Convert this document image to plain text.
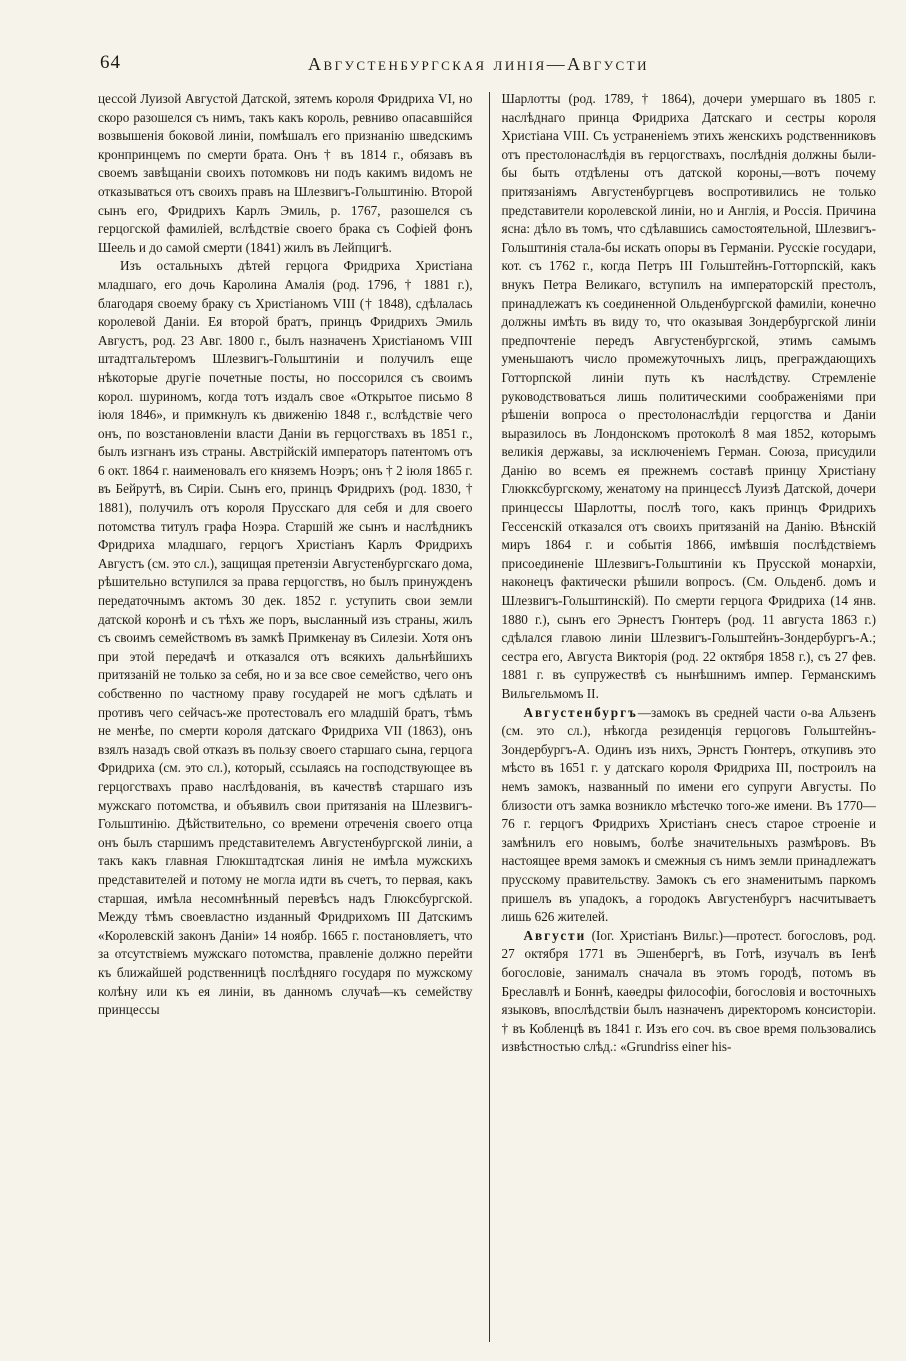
64	Августенбургская линія—Августи

цессой Луизой Августой Датской, зятемъ короля Фридриха VI, но скоро разошелся съ нимъ, такъ какъ король, ревниво опасавшійся возвышенія боковой линіи, помѣшалъ его признанію шведскимъ кронпринцемъ по смерти брата. Онъ † въ 1814 г., обязавъ въ своемъ завѣщаніи своихъ потомковъ ни подъ какимъ видомъ не отказываться отъ своихъ правъ на Шлезвигъ-Гольштинію. Второй сынъ его, Фридрихъ Карлъ Эмиль, р. 1767, разошелся съ герцогской фамиліей, вслѣдствіе своего брака съ Софіей фонъ Шеель и до самой смерти (1841) жилъ въ Лейпцигѣ.

Изъ остальныхъ дѣтей герцога Фридриха Христіана младшаго, его дочь Каролина Амалія (род. 1796, † 1881 г.), благодаря своему браку съ Христіаномъ VIII († 1848), сдѣлалась королевой Даніи. Ея второй братъ, принцъ Фридрихъ Эмиль Августъ, род. 23 Авг. 1800 г., былъ назначенъ Христіаномъ VIII штадтгальтеромъ Шлезвигъ-Гольштиніи и получилъ еще нѣкоторые другіе почетные посты, но поссорился съ своимъ корол. шуриномъ, когда тотъ издалъ свое «Открытое письмо 8 іюля 1846», и примкнулъ къ движенію 1848 г., вслѣдствіе чего онъ, по возстановленіи власти Даніи въ герцогствахъ въ 1851 г., былъ изгнанъ изъ страны. Австрійскій императоръ патентомъ отъ 6 окт. 1864 г. наименовалъ его княземъ Ноэръ; онъ † 2 іюля 1865 г. въ Бейрутѣ, въ Сиріи. Сынъ его, принцъ Фридрихъ (род. 1830, † 1881), получилъ отъ короля Прусскаго для себя и для своего потомства титулъ графа Ноэра. Старшій же сынъ и наслѣдникъ Фридриха младшаго, герцогъ Христіанъ Карлъ Фридрихъ Августъ (см. это сл.), защищая претензіи Августенбургскаго дома, рѣшительно вступился за права герцогствъ, но былъ принужденъ передаточнымъ актомъ 30 дек. 1852 г. уступить свои земли датской коронѣ и съ тѣхъ же поръ, высланный изъ страны, жилъ съ своимъ семействомъ въ замкѣ Примкенау въ Силезіи. Хотя онъ при этой передачѣ и отказался отъ всякихъ дальнѣйшихъ притязаній не только за себя, но и за все свое семейство, чего онъ собственно по частному праву государей не могъ сдѣлать и противъ чего сейчасъ-же протестовалъ его младшій братъ, тѣмъ не менѣе, по смерти короля датскаго Фридриха VII (1863), онъ взялъ назадъ свой отказъ въ пользу своего старшаго сына, герцога Фридриха (см. это сл.), который, ссылаясь на господствующее въ герцогствахъ право наслѣдованія, въ качествѣ старшаго изъ мужскаго потомства, и объявилъ свои притязанія на Шлезвигъ-Гольштинію. Дѣйствительно, со времени отреченія своего отца онъ былъ старшимъ представителемъ Августенбургской линіи, а такъ какъ главная Глюкштадтская линія не имѣла мужскихъ представителей и потому не могла идти въ счетъ, то первая, какъ старшая, имѣла несомнѣнный перевѣсъ надъ Глюксбургской. Между тѣмъ своевластно изданный Фридрихомъ III Датскимъ «Королевскій законъ Даніи» 14 ноябр. 1665 г. постановляетъ, что за отсутствіемъ мужскаго потомства, правленіе должно перейти къ ближайшей родственницѣ послѣдняго государя по мужскому колѣну или къ ея линіи, въ данномъ случаѣ—къ семейству принцессы

Шарлотты (род. 1789, † 1864), дочери умершаго въ 1805 г. наслѣднаго принца Фридриха Датскаго и сестры короля Христіана VIII. Съ устраненіемъ этихъ женскихъ родственниковъ отъ престолонаслѣдія въ герцогствахъ, послѣднія должны были-бы быть отдѣлены отъ датской короны,—вотъ почему притязаніямъ Августенбургцевъ воспротивились не только представители королевской линіи, но и Англія, и Россія. Причина ясна: дѣло въ томъ, что сдѣлавшись самостоятельной, Шлезвигъ-Гольштинія стала-бы искать опоры въ Германіи. Русскіе государи, кот. съ 1762 г., когда Петръ III Гольштейнъ-Готторпскій, какъ внукъ Петра Великаго, вступилъ на императорскій престолъ, принадлежатъ къ соединенной Ольденбургской фамиліи, конечно должны имѣть въ виду то, что оказывая Зондербургской линіи предпочтеніе передъ Августенбургской, этимъ самымъ уменьшаютъ число промежуточныхъ лицъ, преграждающихъ Готторпской линіи путь къ наслѣдству. Стремленіе руководствоваться лишь политическими соображеніями при рѣшеніи вопроса о престолонаслѣдіи герцогства и Даніи выразилось въ Лондонскомъ протоколѣ 8 мая 1852, которымъ великія державы, за исключеніемъ Герман. Союза, присудили Данію во всемъ ея прежнемъ составѣ принцу Христіану Глюкксбургскому, женатому на принцессѣ Луизѣ Датской, дочери принцессы Шарлотты, послѣ того, какъ принцъ Фридрихъ Гессенскій отказался отъ своихъ притязаній на Данію. Вѣнскій миръ 1864 г. и событія 1866, имѣвшія послѣдствіемъ присоединеніе Шлезвигъ-Гольштиніи къ Прусской монархіи, наконецъ фактически рѣшили вопросъ. (См. Ольденб. домъ и Шлезвигъ-Гольштинскій). По смерти герцога Фридриха (14 янв. 1880 г.), сынъ его Эрнестъ Гюнтеръ (род. 11 августа 1863 г.) сдѣлался главою линіи Шлезвигъ-Гольштейнъ-Зондербургъ-А.; сестра его, Августа Викторія (род. 22 октября 1858 г.), съ 27 фев. 1881 г. въ супружествѣ съ нынѣшнимъ импер. Германскимъ Вильгельмомъ II.

Августенбургъ—замокъ въ средней части о-ва Альзенъ (см. это сл.), нѣкогда резиденція герцоговъ Гольштейнъ-Зондербургъ-А. Одинъ изъ нихъ, Эрнстъ Гюнтеръ, откупивъ это мѣсто въ 1651 г. у датскаго короля Фридриха III, построилъ на немъ замокъ, названный по имени его супруги Августы. По близости отъ замка возникло мѣстечко того-же имени. Въ 1770—76 г. герцогъ Фридрихъ Христіанъ снесъ старое строеніе и замѣнилъ его новымъ, болѣе значительныхъ размѣровъ. Въ настоящее время замокъ и смежныя съ нимъ земли принадлежатъ прусскому правительству. Замокъ съ его знаменитымъ паркомъ пришелъ въ упадокъ, а городокъ Августенбургъ насчитываетъ лишь 626 жителей.

Августи (Іог. Христіанъ Вильг.)—протест. богословъ, род. 27 октября 1771 въ Эшенбергѣ, въ Готѣ, изучалъ въ Іенѣ богословіе, занималъ сначала въ этомъ городѣ, потомъ въ Бреславлѣ и Боннѣ, каѳедры философіи, богословія и восточныхъ языковъ, впослѣдствіи былъ назначенъ директоромъ консисторіи. † въ Кобленцѣ въ 1841 г. Изъ его соч. въ свое время пользовались извѣстностью слѣд.: «Grundriss einer his-
